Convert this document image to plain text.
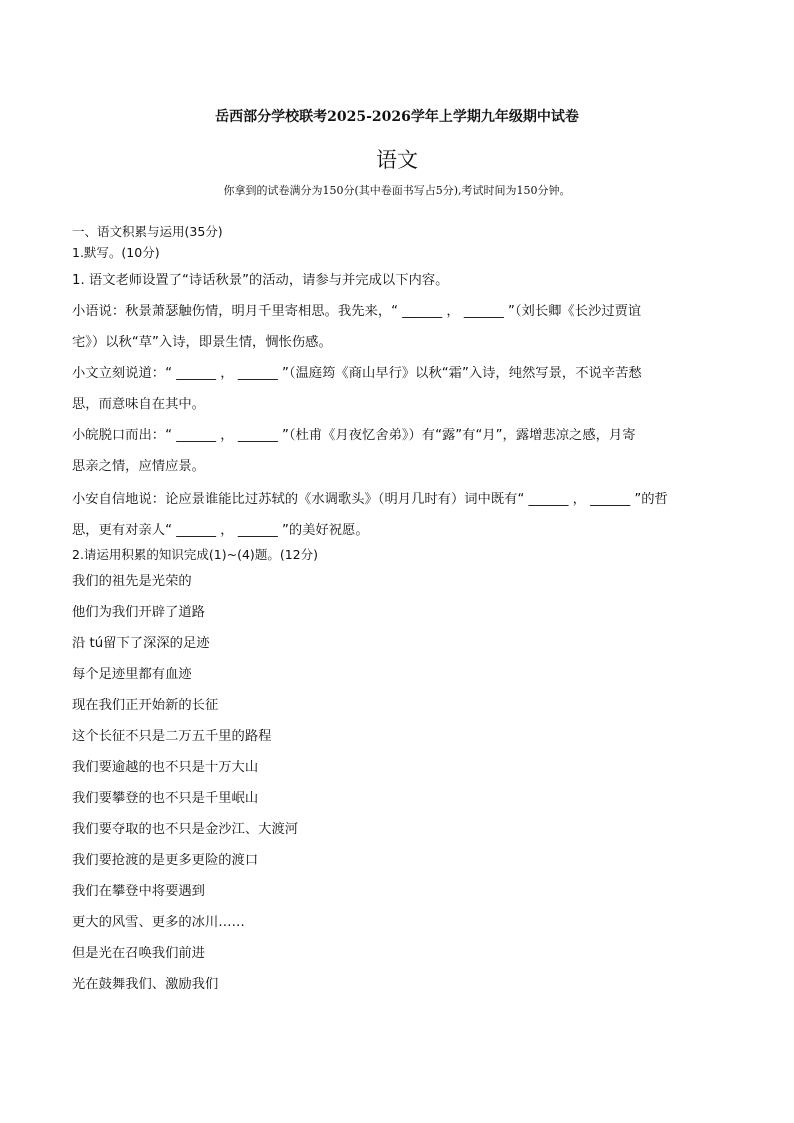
岳西部分学校联考2025-2026学年上学期九年级期中试卷
语文
你拿到的试卷满分为150分(其中卷面书写占5分),考试时间为150分钟。
一、语文积累与运用(35分)
1.默写。(10分)
1. 语文老师设置了“诗话秋景”的活动，请参与并完成以下内容。
小语说：秋景萧瑟触伤情，明月千里寄相思。我先来，“ ______ ， ______ ”（刘长卿《长沙过贾谊
宅》）以秋“草”入诗，即景生情，惆怅伤感。
小文立刻说道：“ ______ ， ______ ”（温庭筠《商山早行》以秋“霜”入诗，纯然写景，不说辛苦愁
思，而意味自在其中。
小皖脱口而出：“ ______ ， ______ ”（杜甫《月夜忆舍弟》）有“露”有“月”，露增悲凉之感，月寄
思亲之情，应情应景。
小安自信地说：论应景谁能比过苏轼的《水调歌头》（明月几时有）词中既有“ ______ ， ______ ”的哲
思，更有对亲人“ ______ ， ______ ”的美好祝愿。
2.请运用积累的知识完成(1)~(4)题。(12分)
我们的祖先是光荣的
他们为我们开辟了道路
沿 tú留下了深深的足迹
每个足迹里都有血迹
现在我们正开始新的长征
这个长征不只是二万五千里的路程
我们要逾越的也不只是十万大山
我们要攀登的也不只是千里岷山
我们要夺取的也不只是金沙江、大渡河
我们要抢渡的是更多更险的渡口
我们在攀登中将要遇到
更大的风雪、更多的冰川……
但是光在召唤我们前进
光在鼓舞我们、激励我们
